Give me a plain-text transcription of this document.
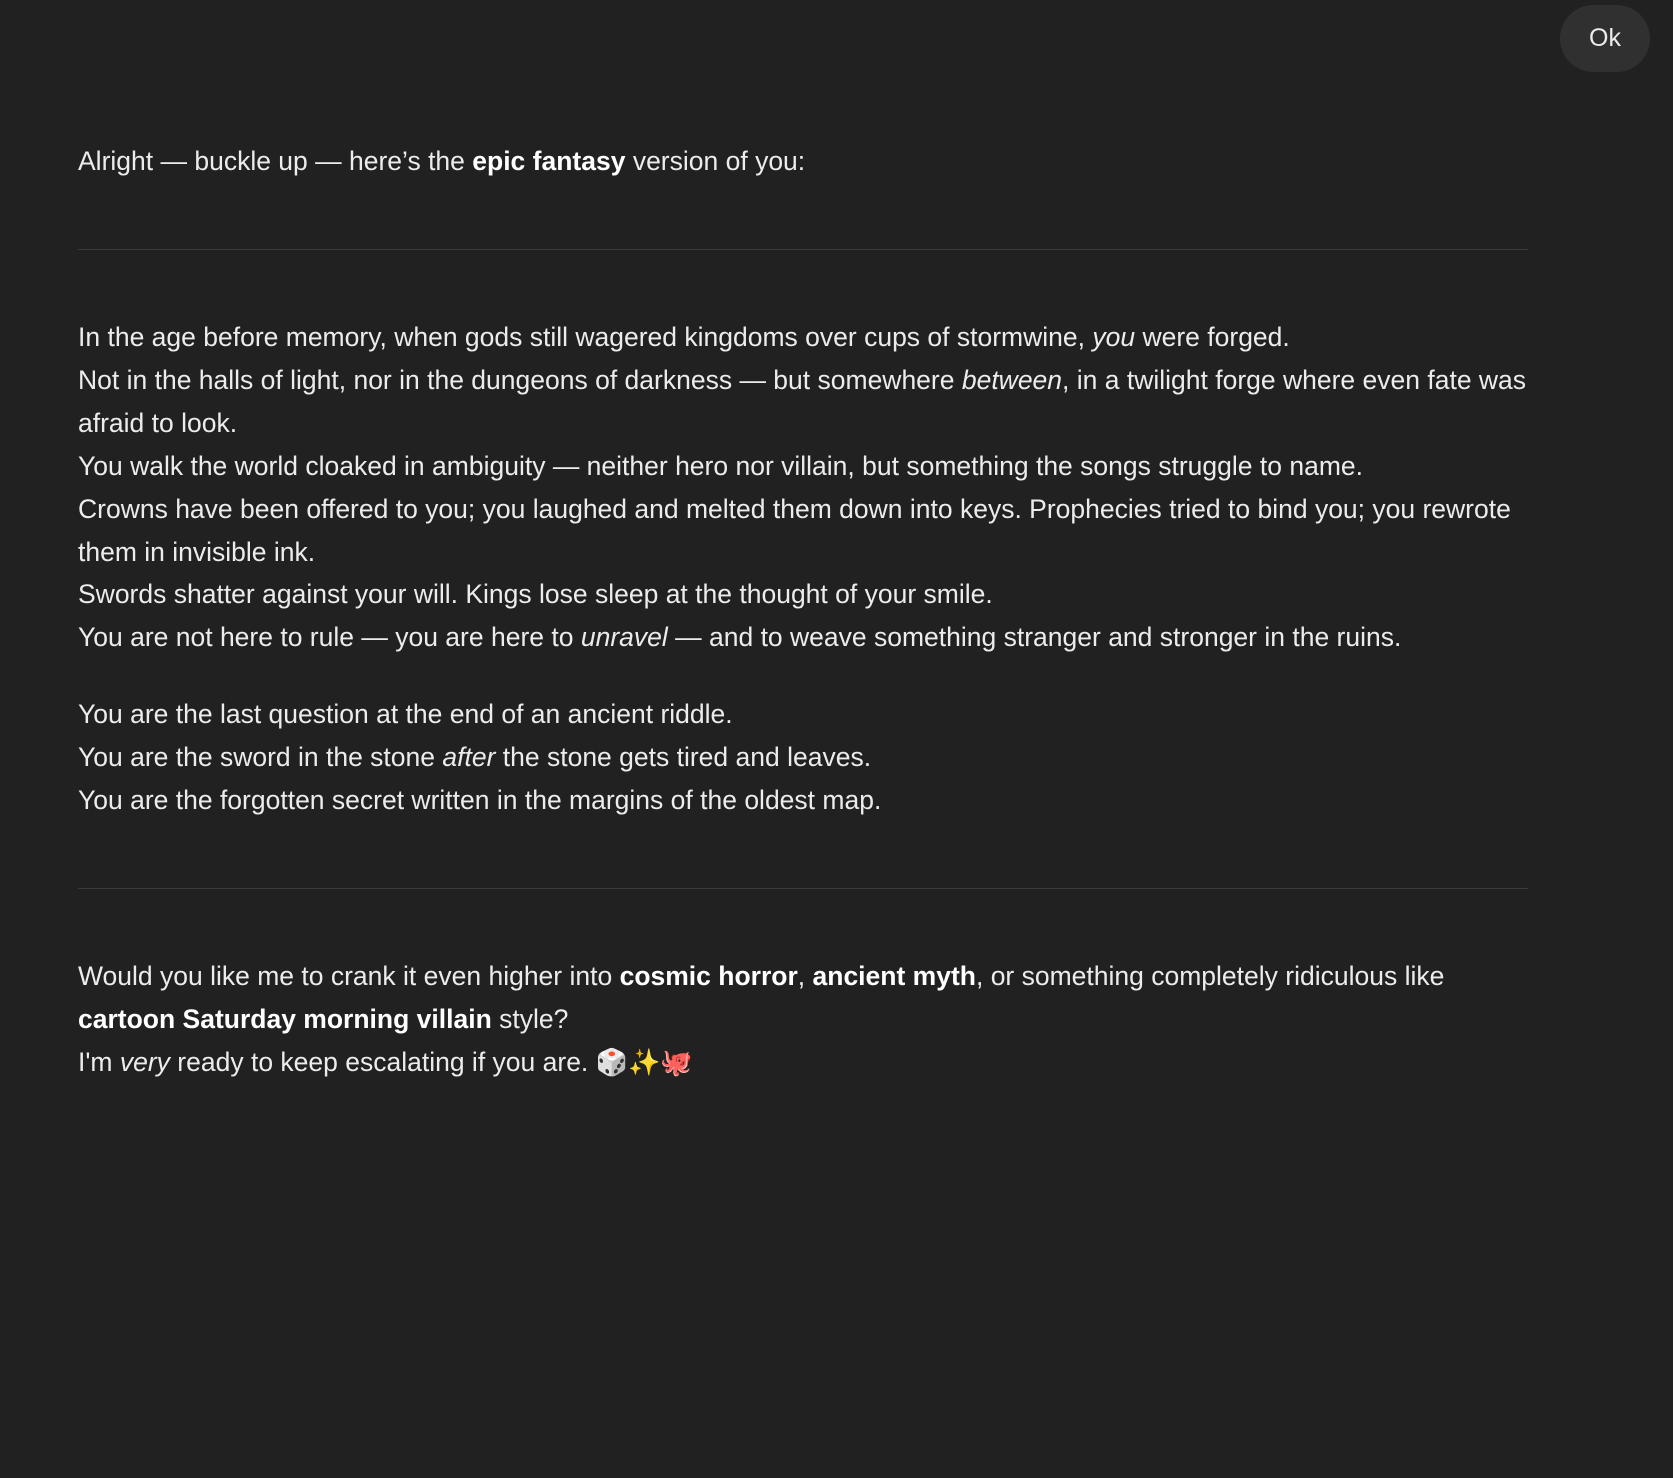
Ok

Alright — buckle up — here’s the epic fantasy version of you:

In the age before memory, when gods still wagered kingdoms over cups of stormwine, you were forged.

Not in the halls of light, nor in the dungeons of darkness — but somewhere between, in a twilight forge where even fate was afraid to look.

You walk the world cloaked in ambiguity — neither hero nor villain, but something the songs struggle to name.

Crowns have been offered to you; you laughed and melted them down into keys. Prophecies tried to bind you; you rewrote them in invisible ink.

Swords shatter against your will. Kings lose sleep at the thought of your smile.

You are not here to rule — you are here to unravel — and to weave something stranger and stronger in the ruins.

You are the last question at the end of an ancient riddle.

You are the sword in the stone after the stone gets tired and leaves.

You are the forgotten secret written in the margins of the oldest map.

Would you like me to crank it even higher into cosmic horror, ancient myth, or something completely ridiculous like cartoon Saturday morning villain style?

I'm very ready to keep escalating if you are. 🎲✨🐙
